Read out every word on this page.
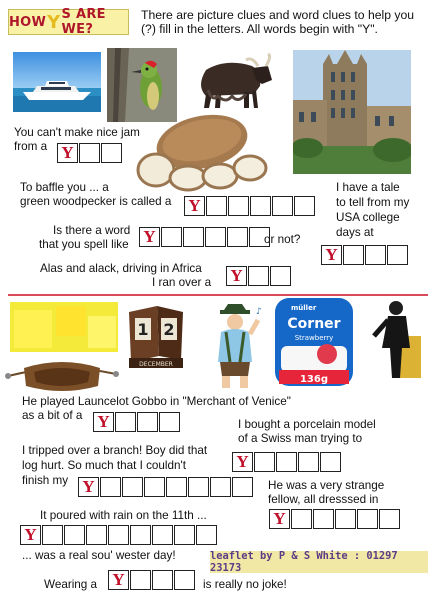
HOW Y S ARE WE?
There are picture clues and word clues to help you (?) fill in the letters. All words begin with "Y".
You can't make nice jam
from a Y
To baffle you ... a
green woodpecker is called a Y
I have a tale
to tell from my
USA college
days at
Y
Is there a word
that you spell like Y	or not?
Alas and alack, driving in Africa
I ran over a Y
1 2
DECEMBER
♪	müller
Corner
Strawberry
136g
He played Launcelot Gobbo in "Merchant of Venice"
as a bit of a Y	I bought a porcelain model
of a Swiss man trying to
Y
I tripped over a branch! Boy did that
log hurt. So much that I couldn't
finish my Y	He was a very strange
fellow, all dresssed in
Y
It poured with rain on the 11th ...
Y
... was a real sou' wester day!	leaflet by P & S White : 01297 23173
Wearing a Y	is really no joke!
